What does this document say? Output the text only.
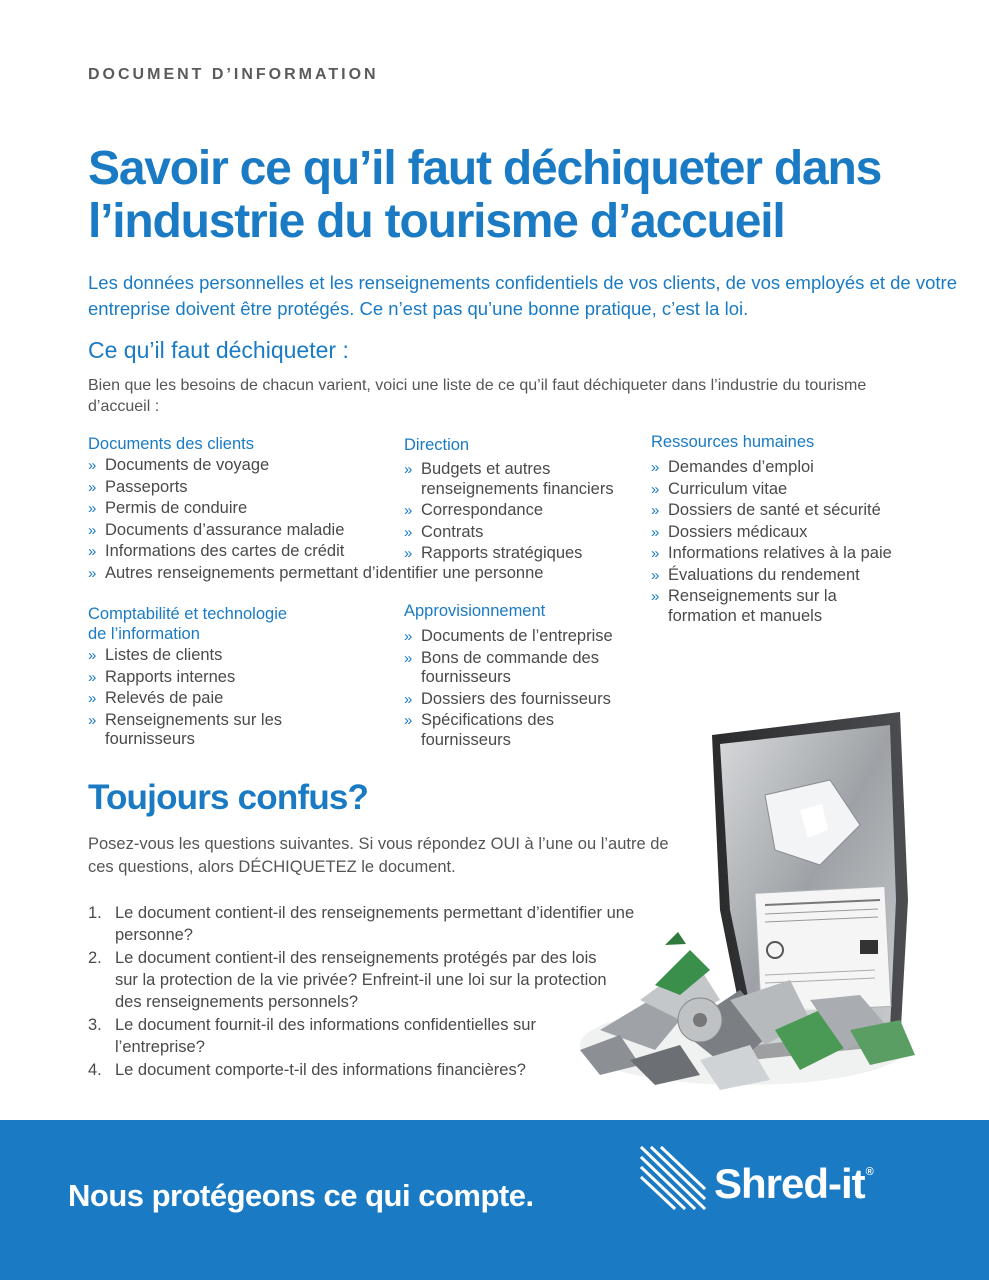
DOCUMENT D’INFORMATION
Savoir ce qu’il faut déchiqueter dans
l’industrie du tourisme d’accueil

Les données personnelles et les renseignements confidentiels de vos clients, de vos employés et de votre entreprise doivent être protégés. Ce n’est pas qu’une bonne pratique, c’est la loi.

Ce qu’il faut déchiqueter :

Bien que les besoins de chacun varient, voici une liste de ce qu’il faut déchiqueter dans l’industrie du tourisme d’accueil :

Documents des clients
» Documents de voyage
» Passeports
» Permis de conduire
» Documents d’assurance maladie
» Informations des cartes de crédit
» Autres renseignements permettant d’identifier une personne
Comptabilité et technologie
de l’information
» Listes de clients
» Rapports internes
» Relevés de paie
» Renseignements sur les fournisseurs
Direction
» Budgets et autres renseignements financiers
» Correspondance
» Contrats
» Rapports stratégiques
Approvisionnement
» Documents de l’entreprise
» Bons de commande des fournisseurs
» Dossiers des fournisseurs
» Spécifications des fournisseurs
Ressources humaines
» Demandes d’emploi
» Curriculum vitae
» Dossiers de santé et sécurité
» Dossiers médicaux
» Informations relatives à la paie
» Évaluations du rendement
» Renseignements sur la formation et manuels
Toujours confus?

Posez-vous les questions suivantes. Si vous répondez OUI à l’une ou l’autre de ces questions, alors DÉCHIQUETEZ le document.

1. Le document contient-il des renseignements permettant d’identifier une personne?
2. Le document contient-il des renseignements protégés par des lois sur la protection de la vie privée? Enfreint-il une loi sur la protection des renseignements personnels?
3. Le document fournit-il des informations confidentielles sur l’entreprise?
4. Le document comporte-t-il des informations financières?

Nous protégeons ce qui compte.	Shred-it®
